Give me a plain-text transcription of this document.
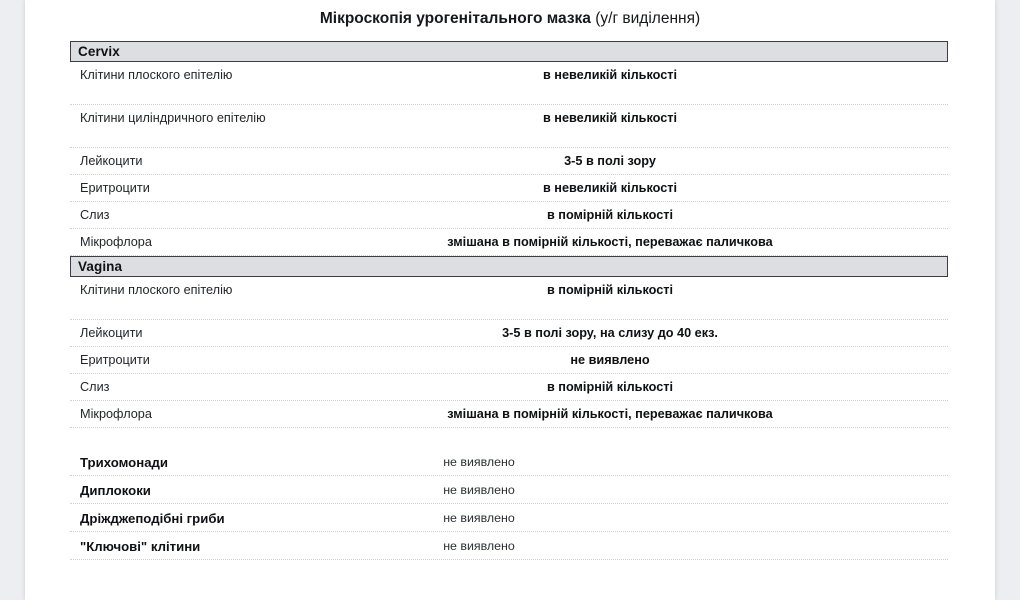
Мікроскопія урогенітального мазка (у/г виділення)
Cervix
Клітини плоского епітелію	в невеликій кількості
Клітини циліндричного епітелію	в невеликій кількості
Лейкоцити	3-5 в полі зору
Еритроцити	в невеликій кількості
Слиз	в помірній кількості
Мікрофлора	змішана в помірній кількості, переважає паличкова
Vagina
Клітини плоского епітелію	в помірній кількості
Лейкоцити	3-5 в полі зору, на слизу до 40 екз.
Еритроцити	не виявлено
Слиз	в помірній кількості
Мікрофлора	змішана в помірній кількості, переважає паличкова
Трихомонади	не виявлено
Диплококи	не виявлено
Дріжджеподібні гриби	не виявлено
"Ключові" клітини	не виявлено
